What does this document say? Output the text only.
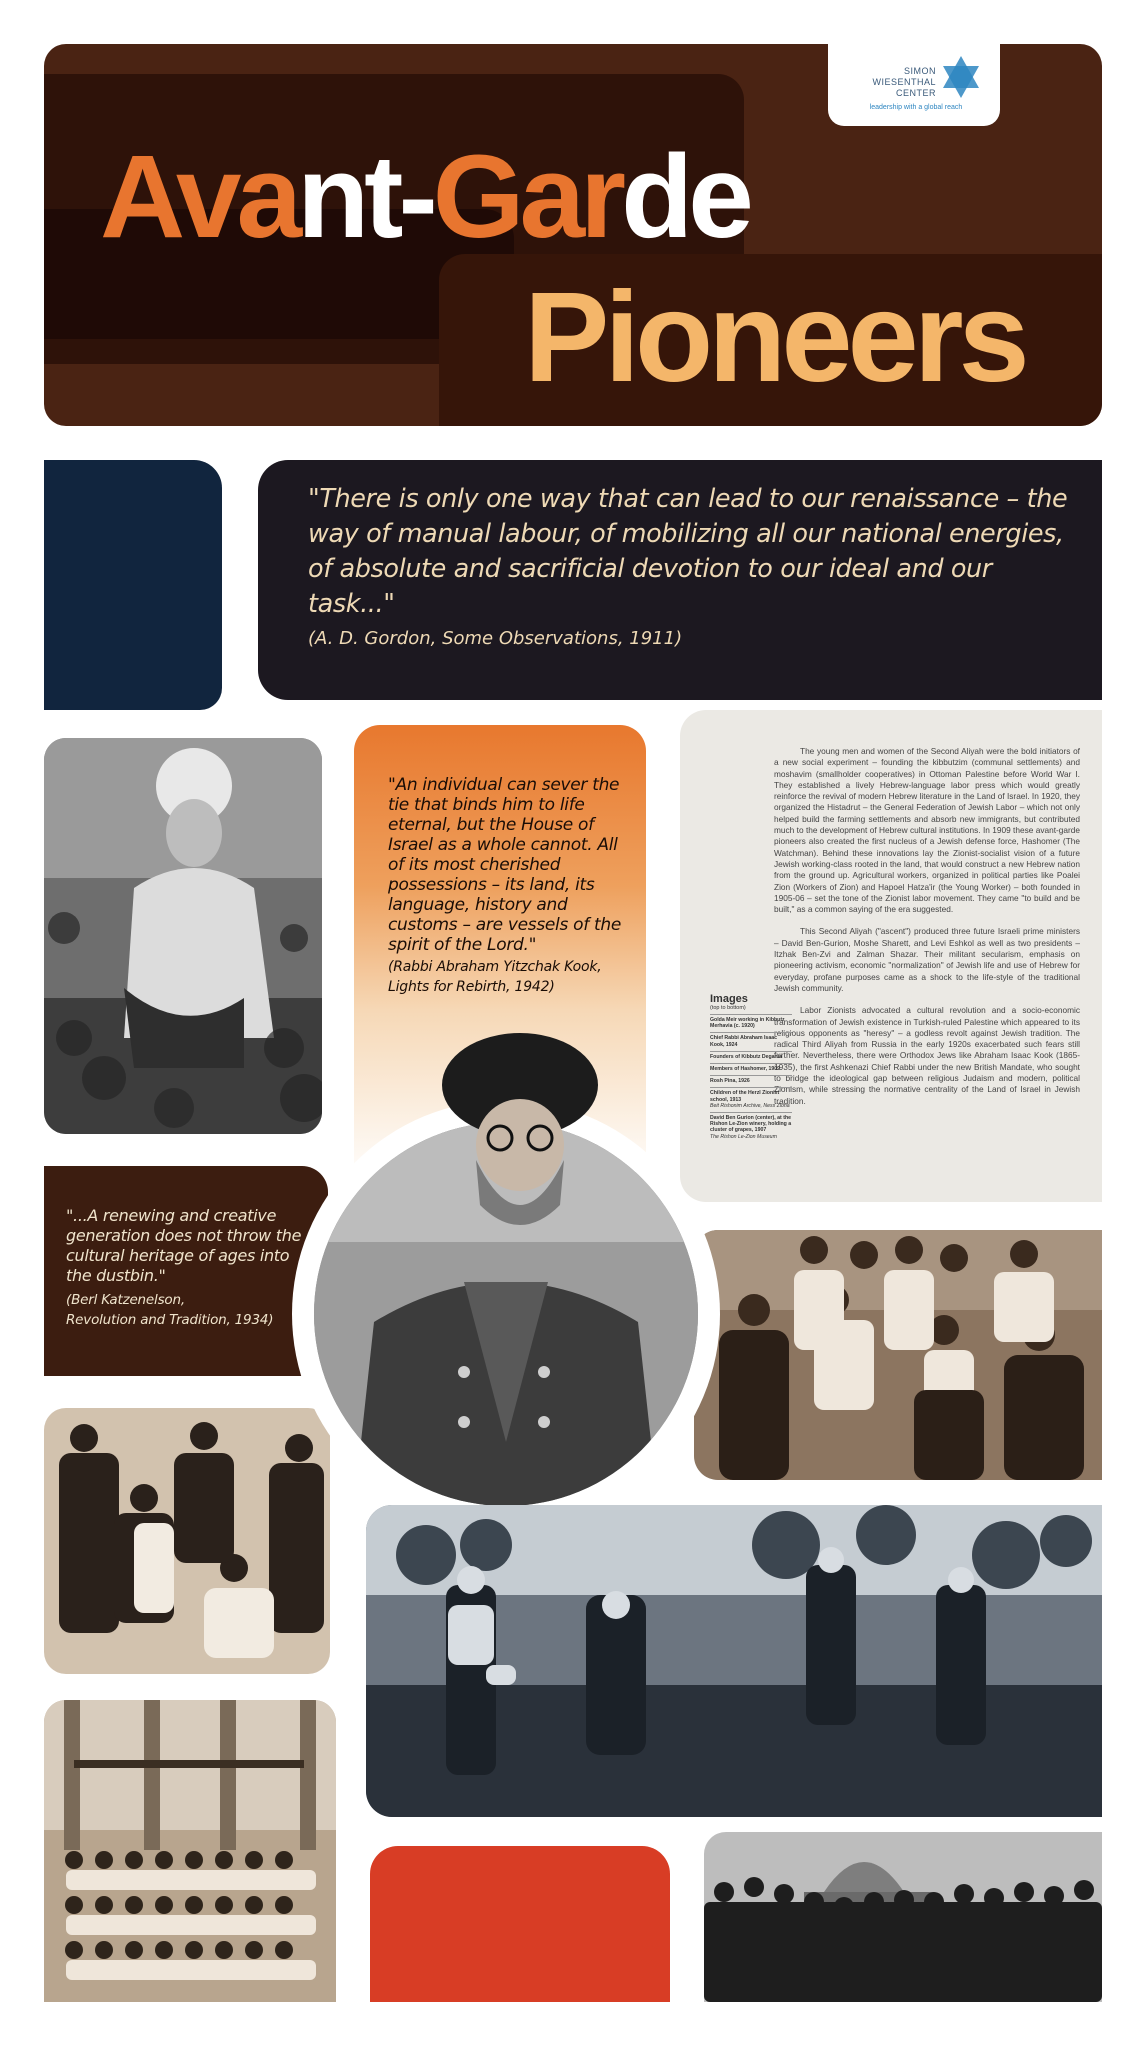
Avant-Garde
Pioneers
SIMON
WIESENTHAL
CENTER
leadership with a global reach
"There is only one way that can lead to our renaissance – the way of manual labour, of mobilizing all our national energies, of absolute and sacrificial devotion to our ideal and our task..."
(A. D. Gordon, Some Observations, 1911)
"An individual can sever the tie that binds him to life eternal, but the House of Israel as a whole cannot. All of its most cherished possessions – its land, its language, history and customs – are vessels of the spirit of the Lord."
(Rabbi Abraham Yitzchak Kook, Lights for Rebirth, 1942)

The young men and women of the Second Aliyah were the bold initiators of a new social experiment – founding the kibbutzim (communal settlements) and moshavim (smallholder cooperatives) in Ottoman Palestine before World War I. They established a lively Hebrew-language labor press which would greatly reinforce the revival of modern Hebrew literature in the Land of Israel. In 1920, they organized the Histadrut – the General Federation of Jewish Labor – which not only helped build the farming settlements and absorb new immigrants, but contributed much to the development of Hebrew cultural institutions. In 1909 these avant-garde pioneers also created the first nucleus of a Jewish defense force, Hashomer (The Watchman). Behind these innovations lay the Zionist-socialist vision of a future Jewish working-class rooted in the land, that would construct a new Hebrew nation from the ground up. Agricultural workers, organized in political parties like Poalei Zion (Workers of Zion) and Hapoel Hatza'ir (the Young Worker) – both founded in 1905-06 – set the tone of the Zionist labor movement. They came "to build and be built," as a common saying of the era suggested.

This Second Aliyah ("ascent") produced three future Israeli prime ministers – David Ben-Gurion, Moshe Sharett, and Levi Eshkol as well as two presidents – Itzhak Ben-Zvi and Zalman Shazar. Their militant secularism, emphasis on pioneering activism, economic "normalization" of Jewish life and use of Hebrew for everyday, profane purposes came as a shock to the life-style of the traditional Jewish community.

Labor Zionists advocated a cultural revolution and a socio-economic transformation of Jewish existence in Turkish-ruled Palestine which appeared to its religious opponents as "heresy" – a godless revolt against Jewish tradition. The radical Third Aliyah from Russia in the early 1920s exacerbated such fears still further. Nevertheless, there were Orthodox Jews like Abraham Isaac Kook (1865-1935), the first Ashkenazi Chief Rabbi under the new British Mandate, who sought to bridge the ideological gap between religious Judaism and modern, political Zionism, while stressing the normative centrality of the Land of Israel in Jewish tradition.

Images
(top to bottom)
Golda Meir working in Kibbutz Merhavia (c. 1920)
Chief Rabbi Abraham Isaac Kook, 1924
Founders of Kibbutz Degania
Members of Hashomer, 1909
Rosh Pina, 1926
Children of the Herzl Zionist school, 1913
Beit Rishonim Archive, Ness Ziona
David Ben Gurion (center), at the Rishon Le-Zion winery, holding a cluster of grapes, 1907
The Rishon Le-Zion Museum
"...A renewing and creative generation does not throw the cultural heritage of ages into the dustbin."
(Berl Katzenelson,
Revolution and Tradition, 1934)
